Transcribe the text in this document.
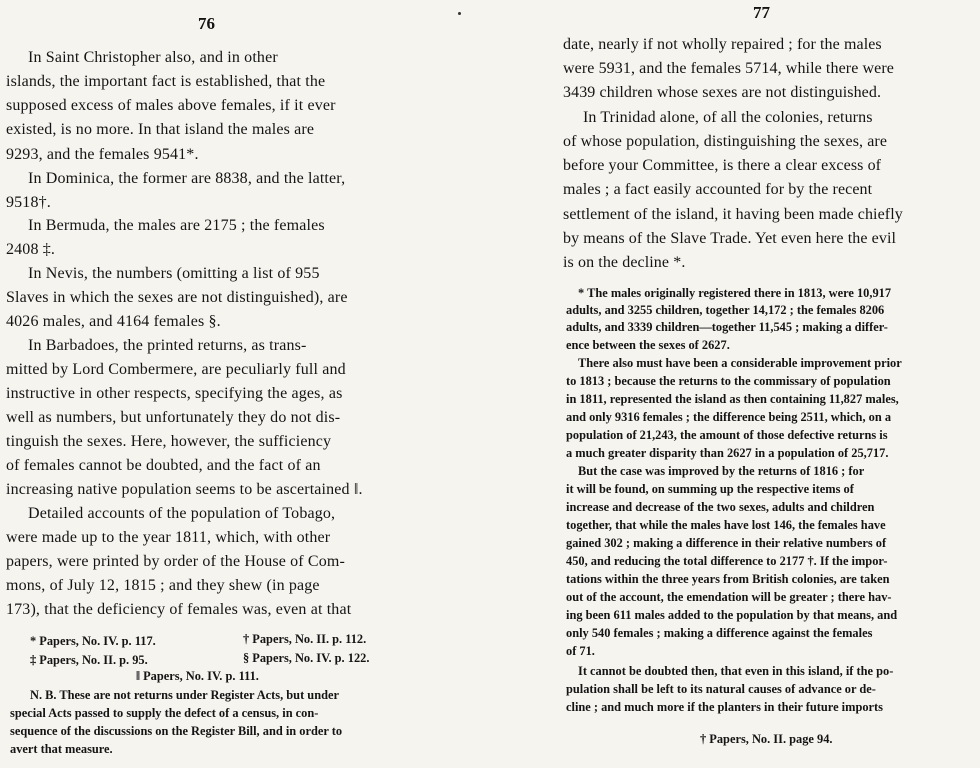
76
In Saint Christopher also, and in other
islands, the important fact is established, that the
supposed excess of males above females, if it ever
existed, is no more. In that island the males are
9293, and the females 9541*.
In Dominica, the former are 8838, and the latter,
9518†.
In Bermuda, the males are 2175 ; the females
2408 ‡.
In Nevis, the numbers (omitting a list of 955
Slaves in which the sexes are not distinguished), are
4026 males, and 4164 females §.
In Barbadoes, the printed returns, as trans-
mitted by Lord Combermere, are peculiarly full and
instructive in other respects, specifying the ages, as
well as numbers, but unfortunately they do not dis-
tinguish the sexes. Here, however, the sufficiency
of females cannot be doubted, and the fact of an
increasing native population seems to be ascertained ‖.
Detailed accounts of the population of Tobago,
were made up to the year 1811, which, with other
papers, were printed by order of the House of Com-
mons, of July 12, 1815 ; and they shew (in page
173), that the deficiency of females was, even at that
* Papers, No. IV. p. 117.	† Papers, No. II. p. 112.
‡ Papers, No. II. p. 95.	§ Papers, No. IV. p. 122.
‖ Papers, No. IV. p. 111.
N. B. These are not returns under Register Acts, but under
special Acts passed to supply the defect of a census, in con-
sequence of the discussions on the Register Bill, and in order to
avert that measure.
77
date, nearly if not wholly repaired ; for the males
were 5931, and the females 5714, while there were
3439 children whose sexes are not distinguished.
In Trinidad alone, of all the colonies, returns
of whose population, distinguishing the sexes, are
before your Committee, is there a clear excess of
males ; a fact easily accounted for by the recent
settlement of the island, it having been made chiefly
by means of the Slave Trade. Yet even here the evil
is on the decline *.
* The males originally registered there in 1813, were 10,917
adults, and 3255 children, together 14,172 ; the females 8206
adults, and 3339 children—together 11,545 ; making a differ-
ence between the sexes of 2627.
There also must have been a considerable improvement prior
to 1813 ; because the returns to the commissary of population
in 1811, represented the island as then containing 11,827 males,
and only 9316 females ; the difference being 2511, which, on a
population of 21,243, the amount of those defective returns is
a much greater disparity than 2627 in a population of 25,717.
But the case was improved by the returns of 1816 ; for
it will be found, on summing up the respective items of
increase and decrease of the two sexes, adults and children
together, that while the males have lost 146, the females have
gained 302 ; making a difference in their relative numbers of
450, and reducing the total difference to 2177 †. If the impor-
tations within the three years from British colonies, are taken
out of the account, the emendation will be greater ; there hav-
ing been 611 males added to the population by that means, and
only 540 females ; making a difference against the females
of 71.
It cannot be doubted then, that even in this island, if the po-
pulation shall be left to its natural causes of advance or de-
cline ; and much more if the planters in their future imports
† Papers, No. II. page 94.
